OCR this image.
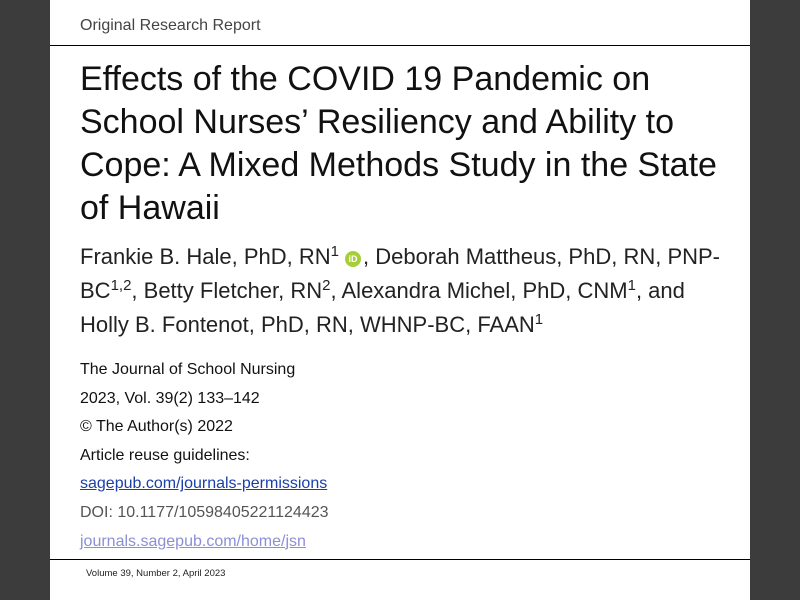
Original Research Report
Effects of the COVID 19 Pandemic on School Nurses’ Resiliency and Ability to Cope: A Mixed Methods Study in the State of Hawaii
Frankie B. Hale, PhD, $RN^1$ iD , Deborah Mattheus, PhD, RN, PNP-BC$^{1,2}$, Betty Fletcher, $RN^2$, Alexandra Michel, PhD, CNM$^1$, and Holly B. Fontenot, PhD, RN, WHNP-BC, FAAN$^1$
The Journal of School Nursing
2023, Vol. 39(2) 133–142
© The Author(s) 2022
Article reuse guidelines:
sagepub.com/journals-permissions
DOI: 10.1177/10598405221124423
journals.sagepub.com/home/jsn
Volume 39, Number 2, April 2023
